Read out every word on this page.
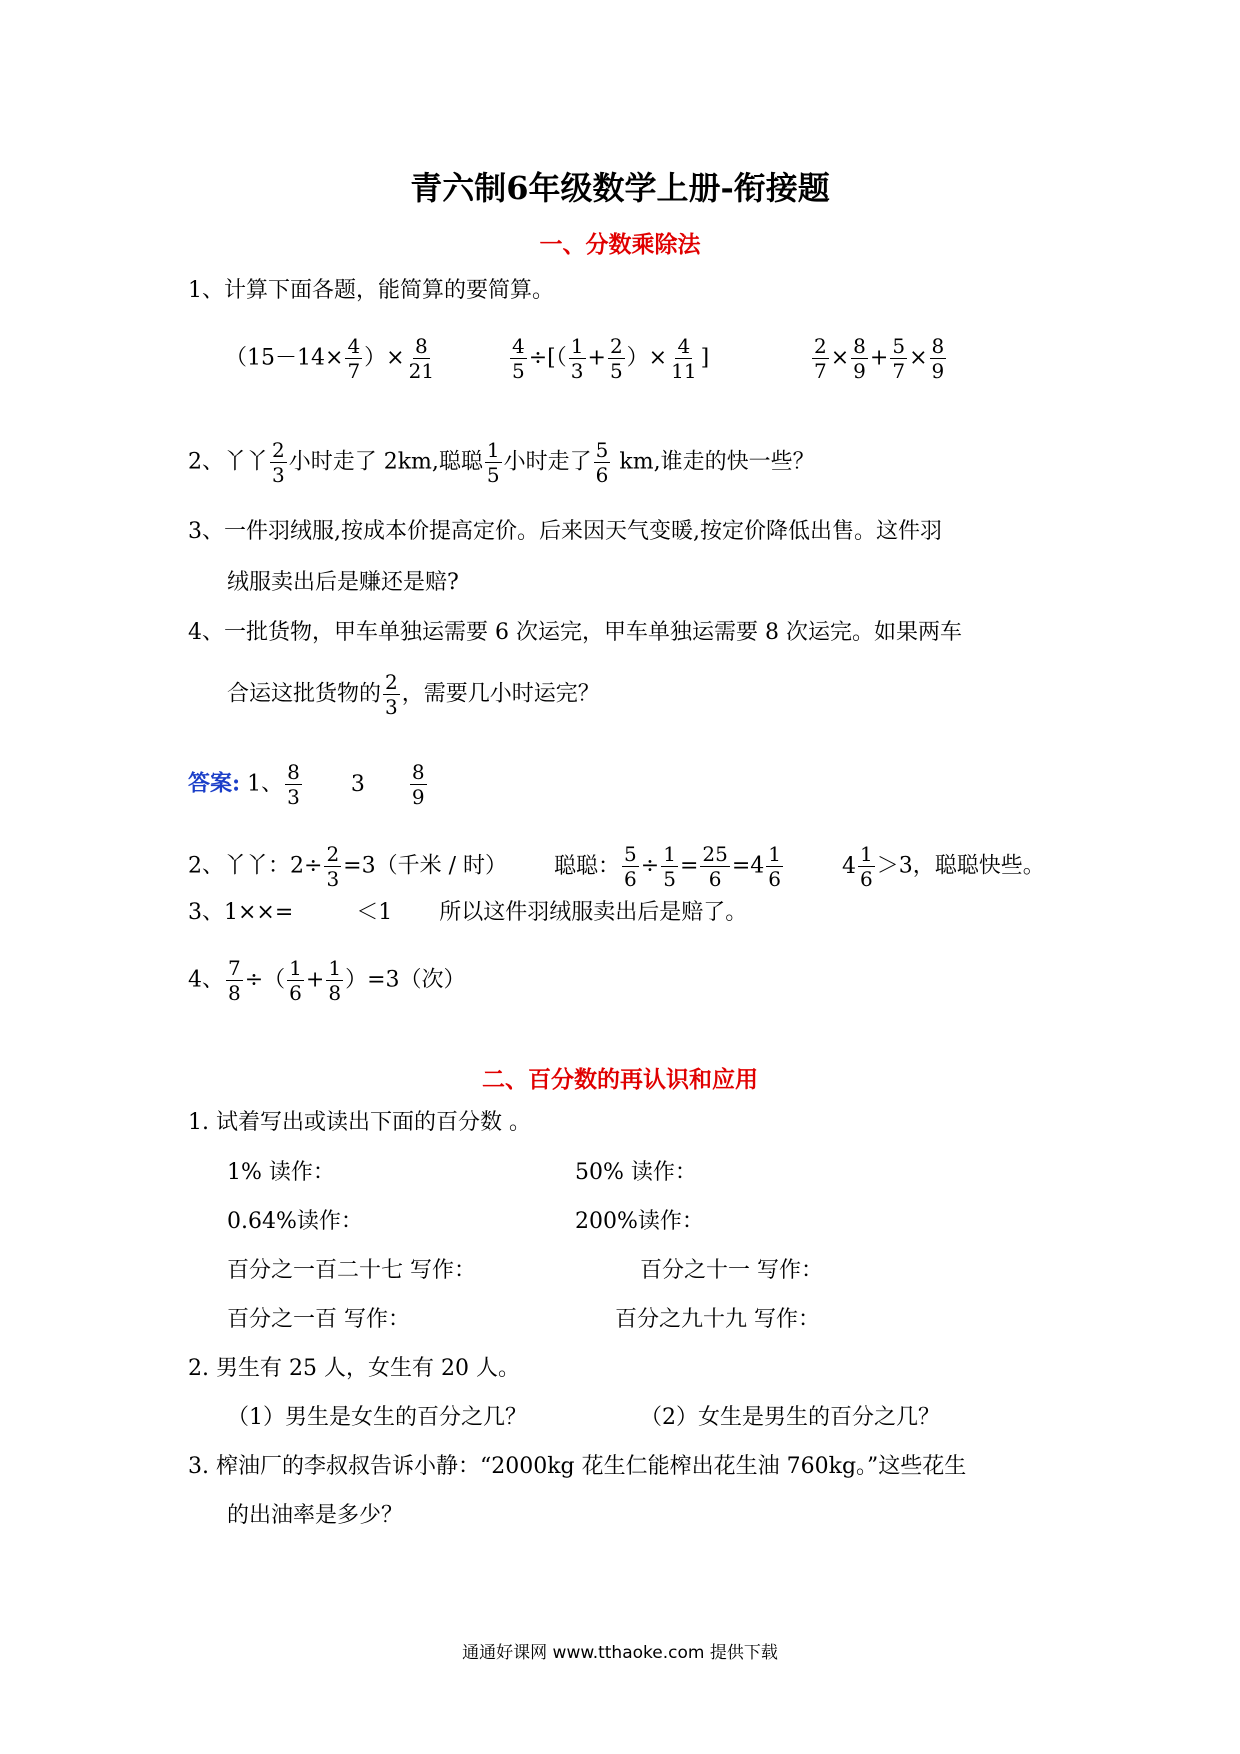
青六制6年级数学上册-衔接题
一、分数乘除法
1、计算下面各题，能简算的要简算。
（$15-14\times \frac{4}{7}$ ）× $\frac{8}{21}$	$\frac{4}{5}$ ÷[（ $\frac{1}{3} + \frac{2}{5}$ ）× $\frac{4}{11}$ ]	$\frac{2}{7} \times \frac{8}{9} + \frac{5}{7} \times \frac{8}{9}$
2、丫丫 $\frac{2}{3}$ 小时走了 2km,聪聪 $\frac{1}{5}$ 小时走了 $\frac{5}{6}$ km,谁走的快一些？
3、一件羽绒服,按成本价提高定价。后来因天气变暖,按定价降低出售。这件羽
绒服卖出后是赚还是赔?
4、一批货物，甲车单独运需要 6 次运完，甲车单独运需要 8 次运完。如果两车
合运这批货物的 $\frac{2}{3}$ ，需要几小时运完？
答案: 1、 $\frac{8}{3} 3 \frac{8}{9}$
2、丫丫：$2\div \frac{2}{3} =3$（千米 / 时） 聪聪： $\frac{5}{6} \div \frac{1}{5} = \frac{25}{6} =4 \frac{1}{6}$	$4 \frac{1}{6} >3$，聪聪快些。
3、1××=	＜1 所以这件羽绒服卖出后是赔了。
4、 $\frac{7}{8}$ ÷（ $\frac{1}{6} + \frac{1}{8} )=3$（次）
二、百分数的再认识和应用
1. 试着写出或读出下面的百分数 。
1% 读作：	50% 读作：
0.64%读作：	200%读作：
百分之一百二十七 写作：	百分之十一 写作：
百分之一百 写作：	百分之九十九 写作：
2. 男生有 25 人，女生有 20 人。
（1）男生是女生的百分之几？	（2）女生是男生的百分之几？
3. 榨油厂的李叔叔告诉小静：“2000kg 花生仁能榨出花生油 760kg。”这些花生
的出油率是多少？
通通好课网 www.tthaoke.com 提供下载
